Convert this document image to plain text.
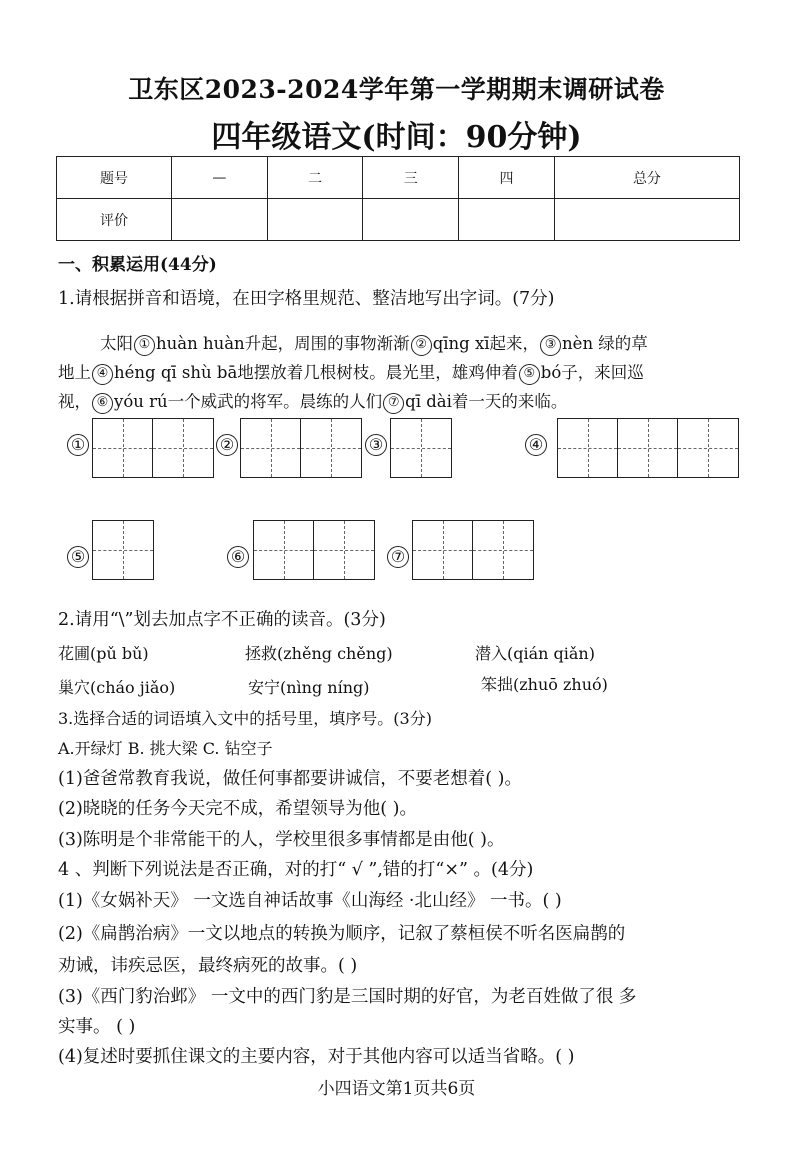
卫东区2023-2024学年第一学期期末调研试卷
四年级语文(时间：90分钟)
题号	—	二	三	四	总分
评价					
一、积累运用(44分)
1.请根据拼音和语境，在田字格里规范、整洁地写出字词。(7分)
太阳 ① huàn huàn升起，周围的事物渐渐 ② qīng xī起来， ③ nèn 绿的草
地上 ④ héng qī shù bā地摆放着几根树枝。晨光里，雄鸡伸着 ⑤ bó子，来回巡
视， ⑥ yóu rú一个威武的将军。晨练的人们 ⑦ qī dài着一天的来临。
①	②	③	④
⑤	⑥	⑦
2.请用“\”划去加点字不正确的读音。(3分)
花圃(pǔ bǔ)	拯救(zhěng chěng)	潜入(qián qiǎn)
巢穴(cháo jiǎo)	安宁(nìng níng)	笨拙(zhuō zhuó)
3.选择合适的词语填入文中的括号里，填序号。(3分)
A.开绿灯 B. 挑大梁 C. 钻空子
(1)爸爸常教育我说，做任何事都要讲诚信，不要老想着( )。
(2)晓晓的任务今天完不成，希望领导为他( )。
(3)陈明是个非常能干的人，学校里很多事情都是由他( )。
4 、判断下列说法是否正确，对的打“ √ ”,错的打“×” 。(4分)
(1)《女娲补天》 一文选自神话故事《山海经 ·北山经》 一书。( )
(2)《扁鹊治病》一文以地点的转换为顺序，记叙了蔡桓侯不听名医扁鹊的
劝诫，讳疾忌医，最终病死的故事。( )
(3)《西门豹治邺》 一文中的西门豹是三国时期的好官，为老百姓做了很 多
实事。 ( )
(4)复述时要抓住课文的主要内容，对于其他内容可以适当省略。( )
小四语文第1页共6页
